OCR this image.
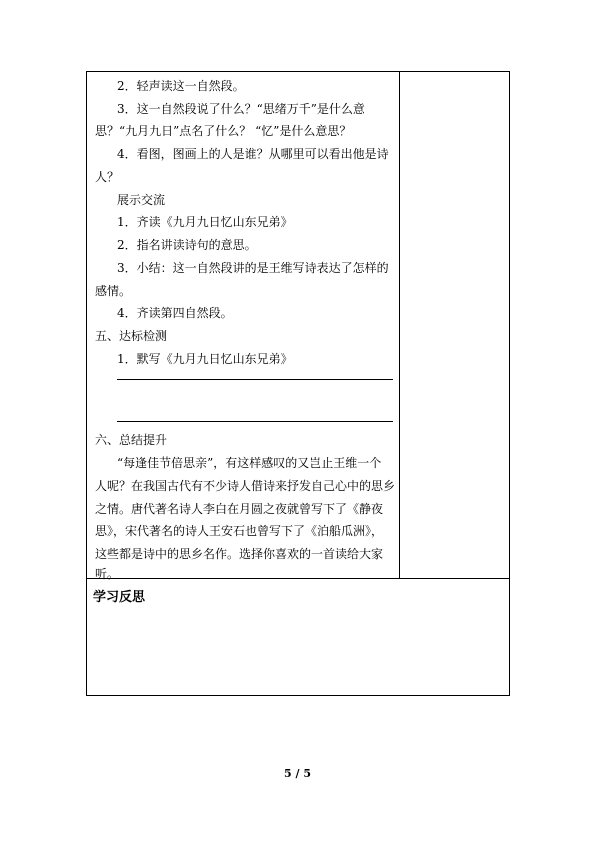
2．轻声读这一自然段。
3．这一自然段说了什么？“思绪万千”是什么意
思？“九月九日”点名了什么？ “忆”是什么意思？
4．看图，图画上的人是谁？从哪里可以看出他是诗
人？
展示交流
1．齐读《九月九日忆山东兄弟》
2．指名讲读诗句的意思。
3．小结：这一自然段讲的是王维写诗表达了怎样的
感情。
4．齐读第四自然段。
五、达标检测
1．默写《九月九日忆山东兄弟》
六、总结提升
“每逢佳节倍思亲”，有这样感叹的又岂止王维一个
人呢？在我国古代有不少诗人借诗来抒发自己心中的思乡
之情。唐代著名诗人李白在月圆之夜就曾写下了《静夜
思》，宋代著名的诗人王安石也曾写下了《泊船瓜洲》，
这些都是诗中的思乡名作。选择你喜欢的一首读给大家
听。
学习反思
5 / 5
